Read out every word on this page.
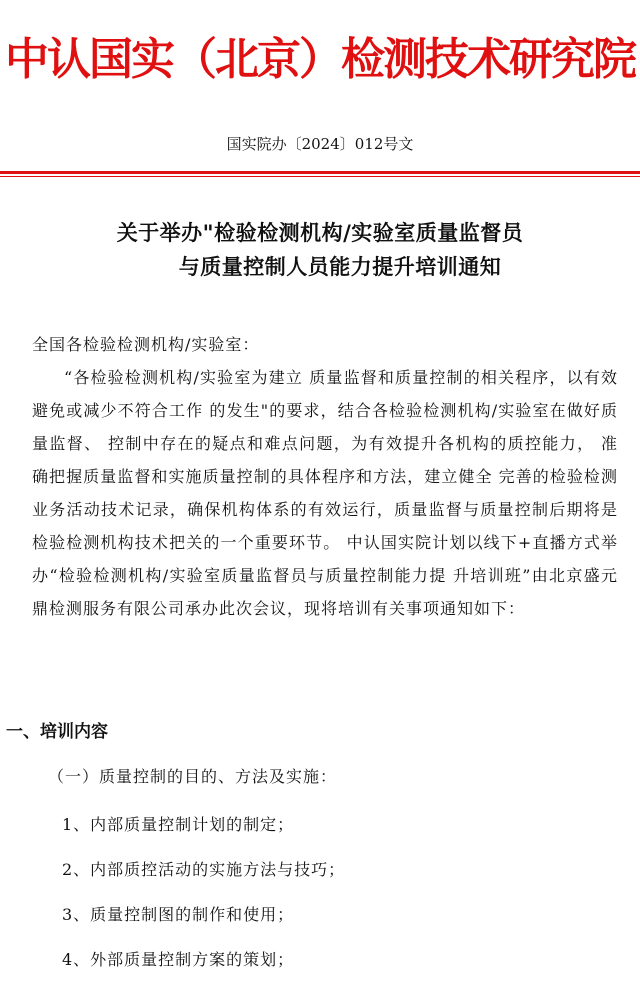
中认国实（北京）检测技术研究院
国实院办〔2024〕012号文
关于举办"检验检测机构/实验室质量监督员
与质量控制人员能力提升培训通知
全国各检验检测机构/实验室：
“各检验检测机构/实验室为建立 质量监督和质量控制的相关程序，以有效避免或减少不符合工作 的发生"的要求，结合各检验检测机构/实验室在做好质量监督、 控制中存在的疑点和难点问题，为有效提升各机构的质控能力， 准确把握质量监督和实施质量控制的具体程序和方法，建立健全 完善的检验检测业务活动技术记录，确保机构体系的有效运行，质量监督与质量控制后期将是检验检测机构技术把关的一个重要环节。 中认国实院计划以线下+直播方式举办“检验检测机构/实验室质量监督员与质量控制能力提 升培训班”由北京盛元鼎检测服务有限公司承办此次会议，现将培训有关事项通知如下：
一、培训内容
（一）质量控制的目的、方法及实施：
1、内部质量控制计划的制定；
2、内部质控活动的实施方法与技巧；
3、质量控制图的制作和使用；
4、外部质量控制方案的策划；
